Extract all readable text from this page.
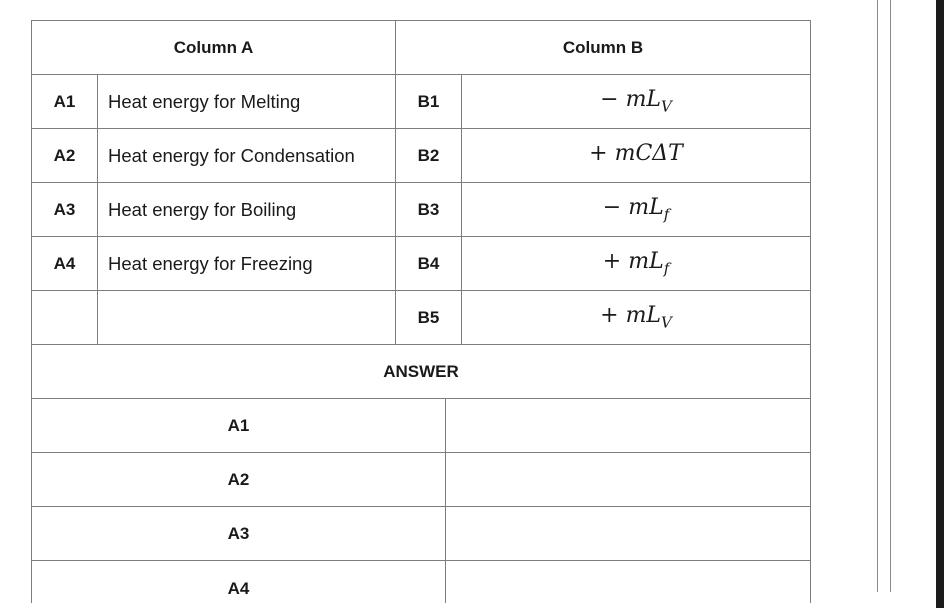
Column A		Column B	
A1	Heat energy for Melting	B1	− $mL_V$
A2	Heat energy for Condensation	B2	+ mCΔT
A3	Heat energy for Boiling	B3	− $mL_f$
A4	Heat energy for Freezing	B4	+ $mL_f$
		B5	+ $mL_V$
ANSWER			
A1	
A2	
A3	
A4	
